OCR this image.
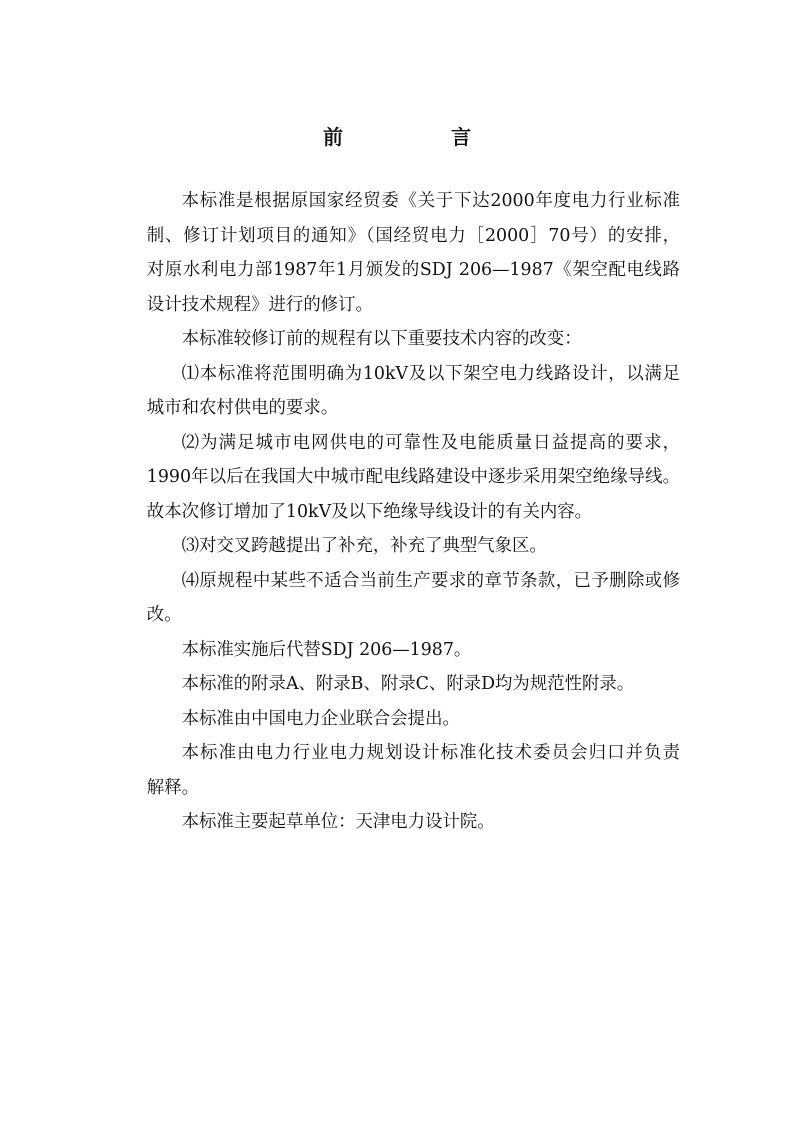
前　言
本标准是根据原国家经贸委《关于下达2000年度电力行业标准
制、修订计划项目的通知》（国经贸电力［2000］70号）的安排，
对原水利电力部1987年1月颁发的SDJ 206—1987《架空配电线路
设计技术规程》进行的修订。
本标准较修订前的规程有以下重要技术内容的改变：
⑴本标准将范围明确为10kV及以下架空电力线路设计，以满足
城市和农村供电的要求。
⑵为满足城市电网供电的可靠性及电能质量日益提高的要求，
1990年以后在我国大中城市配电线路建设中逐步采用架空绝缘导线。
故本次修订增加了10kV及以下绝缘导线设计的有关内容。
⑶对交叉跨越提出了补充，补充了典型气象区。
⑷原规程中某些不适合当前生产要求的章节条款，已予删除或修
改。
本标准实施后代替SDJ 206—1987。
本标准的附录A、附录B、附录C、附录D均为规范性附录。
本标准由中国电力企业联合会提出。
本标准由电力行业电力规划设计标准化技术委员会归口并负责
解释。
本标准主要起草单位：天津电力设计院。
